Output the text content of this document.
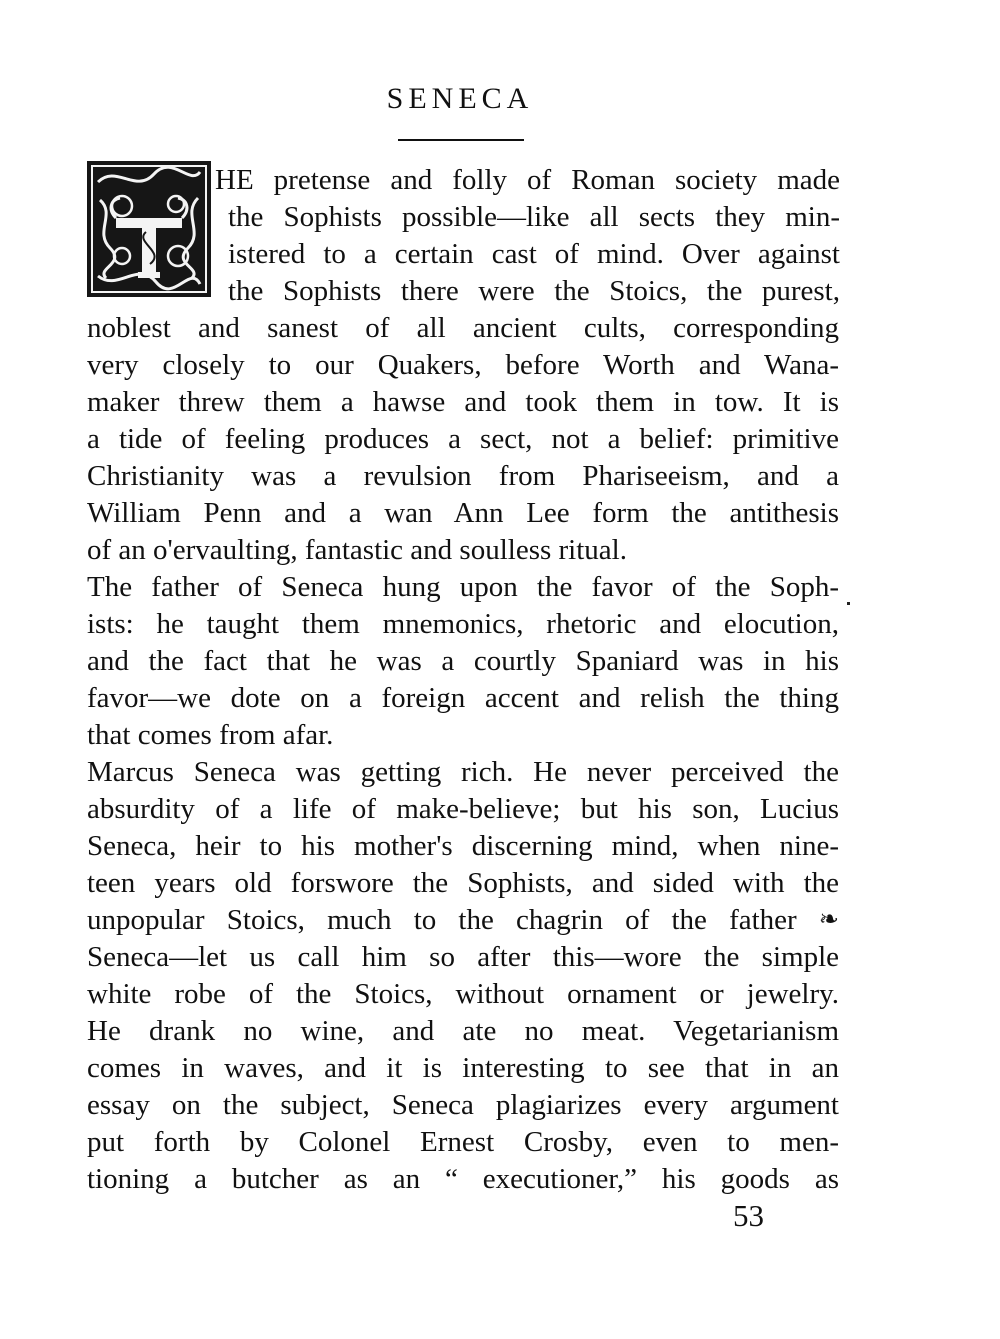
SENECA

HE pretense and folly of Roman society made

the Sophists possible—like all sects they min-

istered to a certain cast of mind. Over against

the Sophists there were the Stoics, the purest,

noblest and sanest of all ancient cults, corresponding

very closely to our Quakers, before Worth and Wana-

maker threw them a hawse and took them in tow. It is

a tide of feeling produces a sect, not a belief: primitive

Christianity was a revulsion from Phariseeism, and a

William Penn and a wan Ann Lee form the antithesis

of an o'ervaulting, fantastic and soulless ritual.

The father of Seneca hung upon the favor of the Soph-

ists: he taught them mnemonics, rhetoric and elocution,

and the fact that he was a courtly Spaniard was in his

favor—we dote on a foreign accent and relish the thing

that comes from afar.

Marcus Seneca was getting rich. He never perceived the

absurdity of a life of make-believe; but his son, Lucius

Seneca, heir to his mother's discerning mind, when nine-

teen years old forswore the Sophists, and sided with the

unpopular Stoics, much to the chagrin of the father ❧

Seneca—let us call him so after this—wore the simple

white robe of the Stoics, without ornament or jewelry.

He drank no wine, and ate no meat. Vegetarianism

comes in waves, and it is interesting to see that in an

essay on the subject, Seneca plagiarizes every argument

put forth by Colonel Ernest Crosby, even to men-

tioning a butcher as an “ executioner,” his goods as

53
